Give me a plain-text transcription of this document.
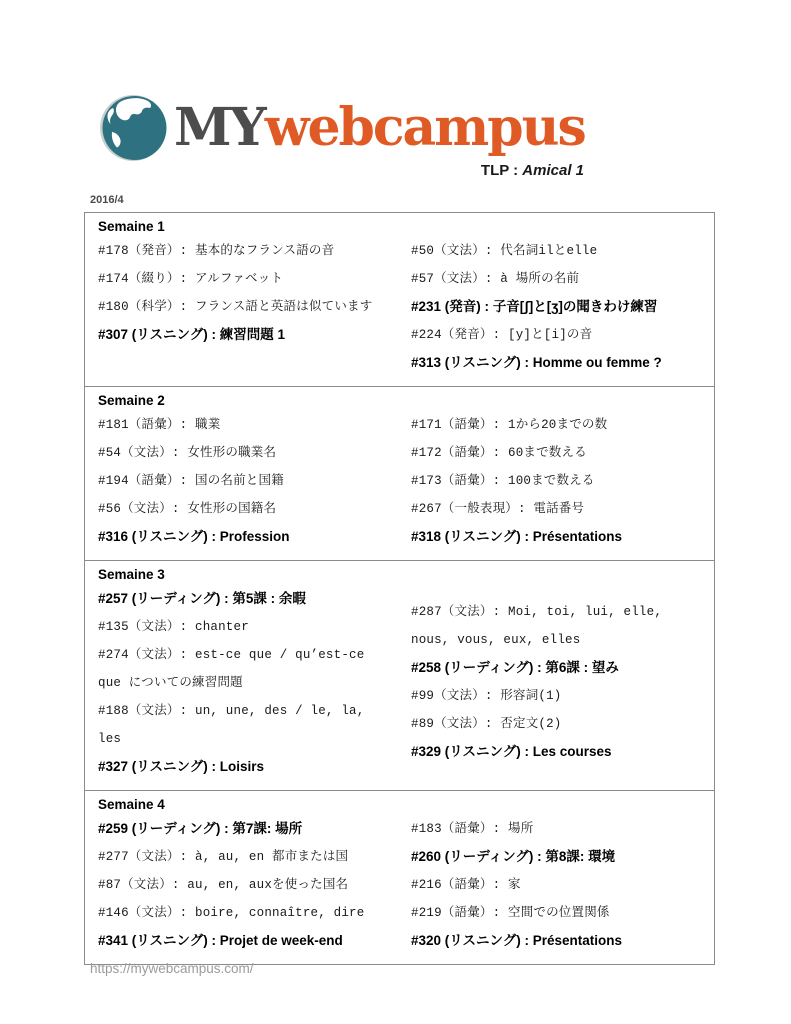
MYwebcampus
TLP : Amical 1
2016/4
Semaine 1

#178（発音）: 基本的なフランス語の音

#174（綴り）: アルファベット

#180（科学）: フランス語と英語は似ています

#307 (リスニング) : 練習問題 1

#50（文法）: 代名詞ilとelle

#57（文法）: à 場所の名前

#231 (発音) : 子音[ʃ]と[ʒ]の聞きわけ練習

#224（発音）: [y]と[i]の音

#313 (リスニング) : Homme ou femme ?

Semaine 2

#181（語彙）: 職業

#54（文法）: 女性形の職業名

#194（語彙）: 国の名前と国籍

#56（文法）: 女性形の国籍名

#316 (リスニング) : Profession

#171（語彙）: 1から20までの数

#172（語彙）: 60まで数える

#173（語彙）: 100まで数える

#267（一般表現）: 電話番号

#318 (リスニング) : Présentations

Semaine 3

#257 (リーディング) : 第5課 : 余暇

#135（文法）: chanter

#274（文法）: est-ce que / qu’est-ce que についての練習問題

#188（文法）: un, une, des / le, la, les

#327 (リスニング) : Loisirs

#287（文法）: Moi, toi, lui, elle, nous, vous, eux, elles

#258 (リーディング) : 第6課 : 望み

#99（文法）: 形容詞(1)

#89（文法）: 否定文(2)

#329 (リスニング) : Les courses

Semaine 4

#259 (リーディング) : 第7課: 場所

#277（文法）: à, au, en 都市または国

#87（文法）: au, en, auxを使った国名

#146（文法）: boire, connaître, dire

#341 (リスニング) : Projet de week-end

#183（語彙）: 場所

#260 (リーディング) : 第8課: 環境

#216（語彙）: 家

#219（語彙）: 空間での位置関係

#320 (リスニング) : Présentations

https://mywebcampus.com/
